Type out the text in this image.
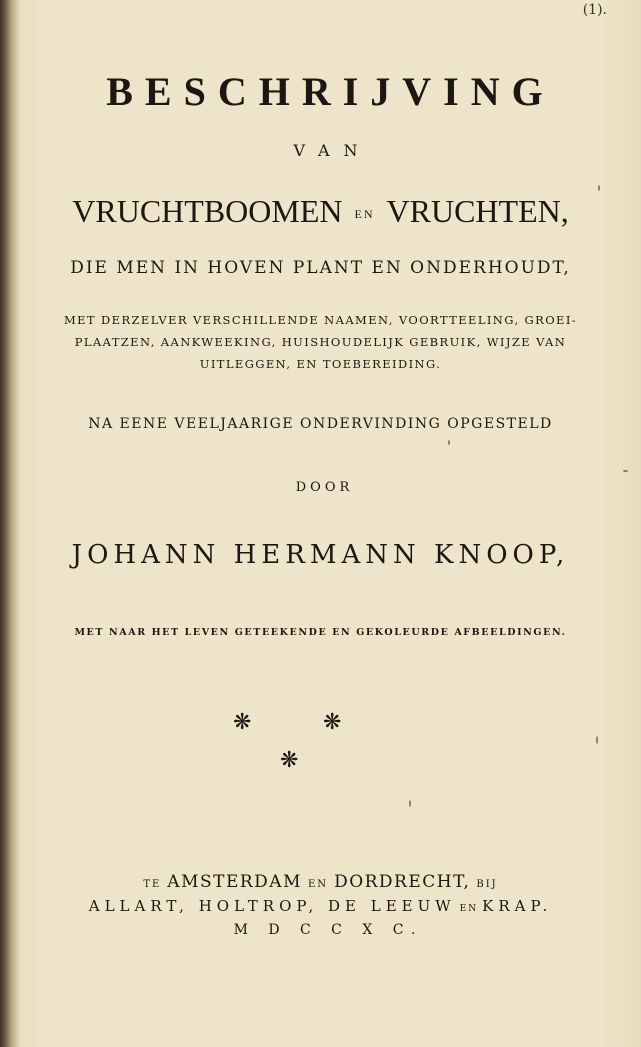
(1).
BESCHRIJVING
VAN
VRUCHTBOOMEN EN VRUCHTEN,
DIE MEN IN HOVEN PLANT EN ONDERHOUDT,
MET DERZELVER VERSCHILLENDE NAAMEN, VOORTTEELING, GROEI-
PLAATZEN, AANKWEEKING, HUISHOUDELIJK GEBRUIK, WIJZE VAN
UITLEGGEN, EN TOEBEREIDING.
NA EENE VEELJAARIGE ONDERVINDING OPGESTELD
DOOR
JOHANN HERMANN KNOOP,
MET NAAR HET LEVEN GETEEKENDE EN GEKOLEURDE AFBEELDINGEN.
❋	❋
❋
TE AMSTERDAM EN DORDRECHT, BIJ
ALLART, HOLTROP, DE LEEUW EN KRAP.
M D C C X C.
